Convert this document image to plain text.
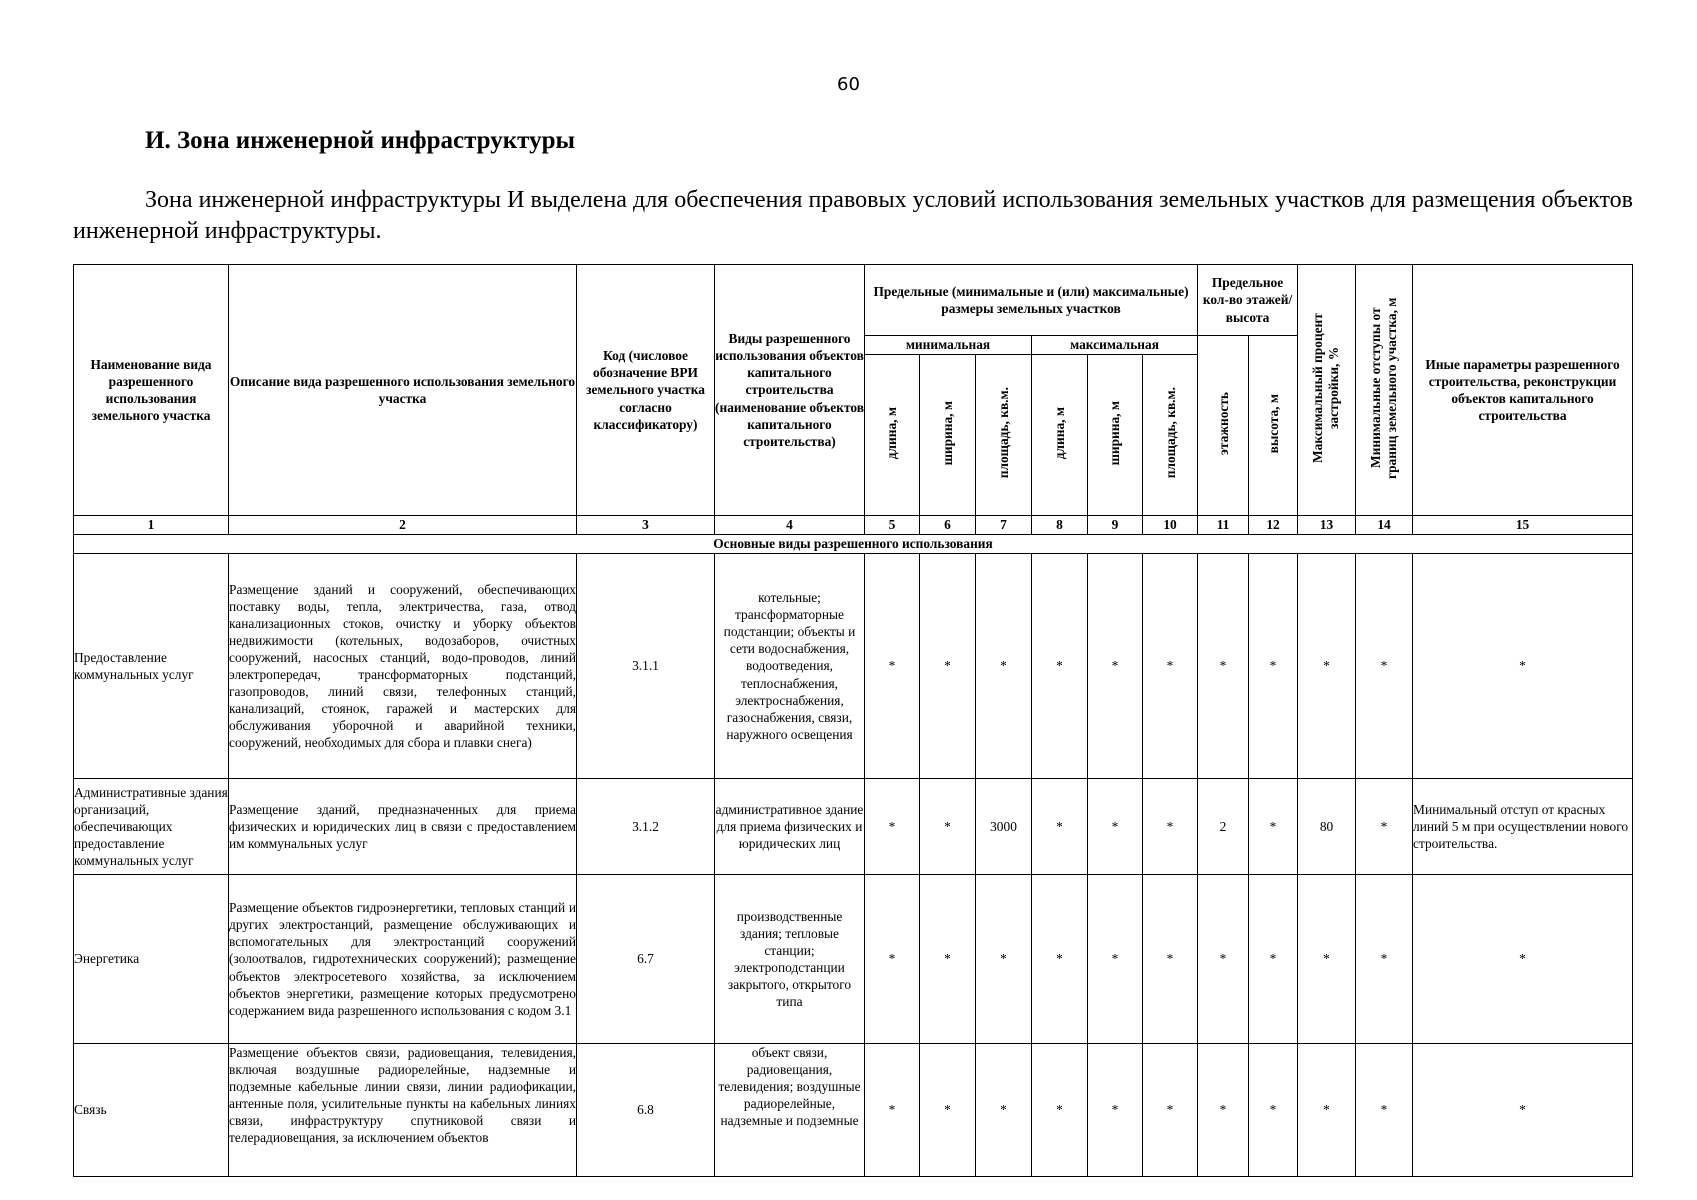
60
И. Зона инженерной инфраструктуры

Зона инженерной инфраструктуры И выделена для обеспечения правовых условий использования земельных участков для размещения объектов инженерной инфраструктуры.

Наименование вида разрешенного использования земельного участка	Описание вида разрешенного использования земельного участка	Код (числовое обозначение ВРИ земельного участка согласно классификатору)	Виды разрешенного использования объектов капитального строительства (наименование объектов капитального строительства)	Предельные (минимальные и (или) максимальные) размеры земельных участков						Предельное кол-во этажей/ высота		Максимальный процент застройки, %	Минимальные отступы от границ земельного участка, м	Иные параметры разрешенного строительства, реконструкции объектов капитального строительства
				минимальная			максимальная			этажность	высота, м			
				длина, м	ширина, м	площадь, кв.м.	длина, м	ширина, м	площадь, кв.м.					
1	2	3	4	5	6	7	8	9	10	11	12	13	14	15
Основные виды разрешенного использования														
Предоставление коммунальных услуг	Размещение зданий и сооружений, обеспечивающих поставку воды, тепла, электричества, газа, отвод канализационных стоков, очистку и уборку объектов недвижимости (котельных, водозаборов, очистных сооружений, насосных станций, водо-проводов, линий электропередач, трансформаторных подстанций, газопроводов, линий связи, телефонных станций, канализаций, стоянок, гаражей и мастерских для обслуживания уборочной и аварийной техники, сооружений, необходимых для сбора и плавки снега)	3.1.1	котельные; трансформаторные подстанции; объекты и сети водоснабжения, водоотведения, теплоснабжения, электроснабжения, газоснабжения, связи, наружного освещения	*	*	*	*	*	*	*	*	*	*	*
Административные здания организаций, обеспечивающих предоставление коммунальных услуг	Размещение зданий, предназначенных для приема физических и юридических лиц в связи с предоставлением им коммунальных услуг	3.1.2	административное здание для приема физических и юридических лиц	*	*	3000	*	*	*	2	*	80	*	Минимальный отступ от красных линий 5 м при осуществлении нового строительства.
Энергетика	Размещение объектов гидроэнергетики, тепловых станций и других электростанций, размещение обслуживающих и вспомогательных для электростанций сооружений (золоотвалов, гидротехнических сооружений); размещение объектов электросетевого хозяйства, за исключением объектов энергетики, размещение которых предусмотрено содержанием вида разрешенного использования с кодом 3.1	6.7	производственные здания; тепловые станции; электроподстанции закрытого, открытого типа	*	*	*	*	*	*	*	*	*	*	*
Связь	Размещение объектов связи, радиовещания, телевидения, включая воздушные радиорелейные, надземные и подземные кабельные линии связи, линии радиофикации, антенные поля, усилительные пункты на кабельных линиях связи, инфраструктуру спутниковой связи и телерадиовещания, за исключением объектов	6.8	объект связи, радиовещания, телевидения; воздушные радиорелейные, надземные и подземные	*	*	*	*	*	*	*	*	*	*	*
